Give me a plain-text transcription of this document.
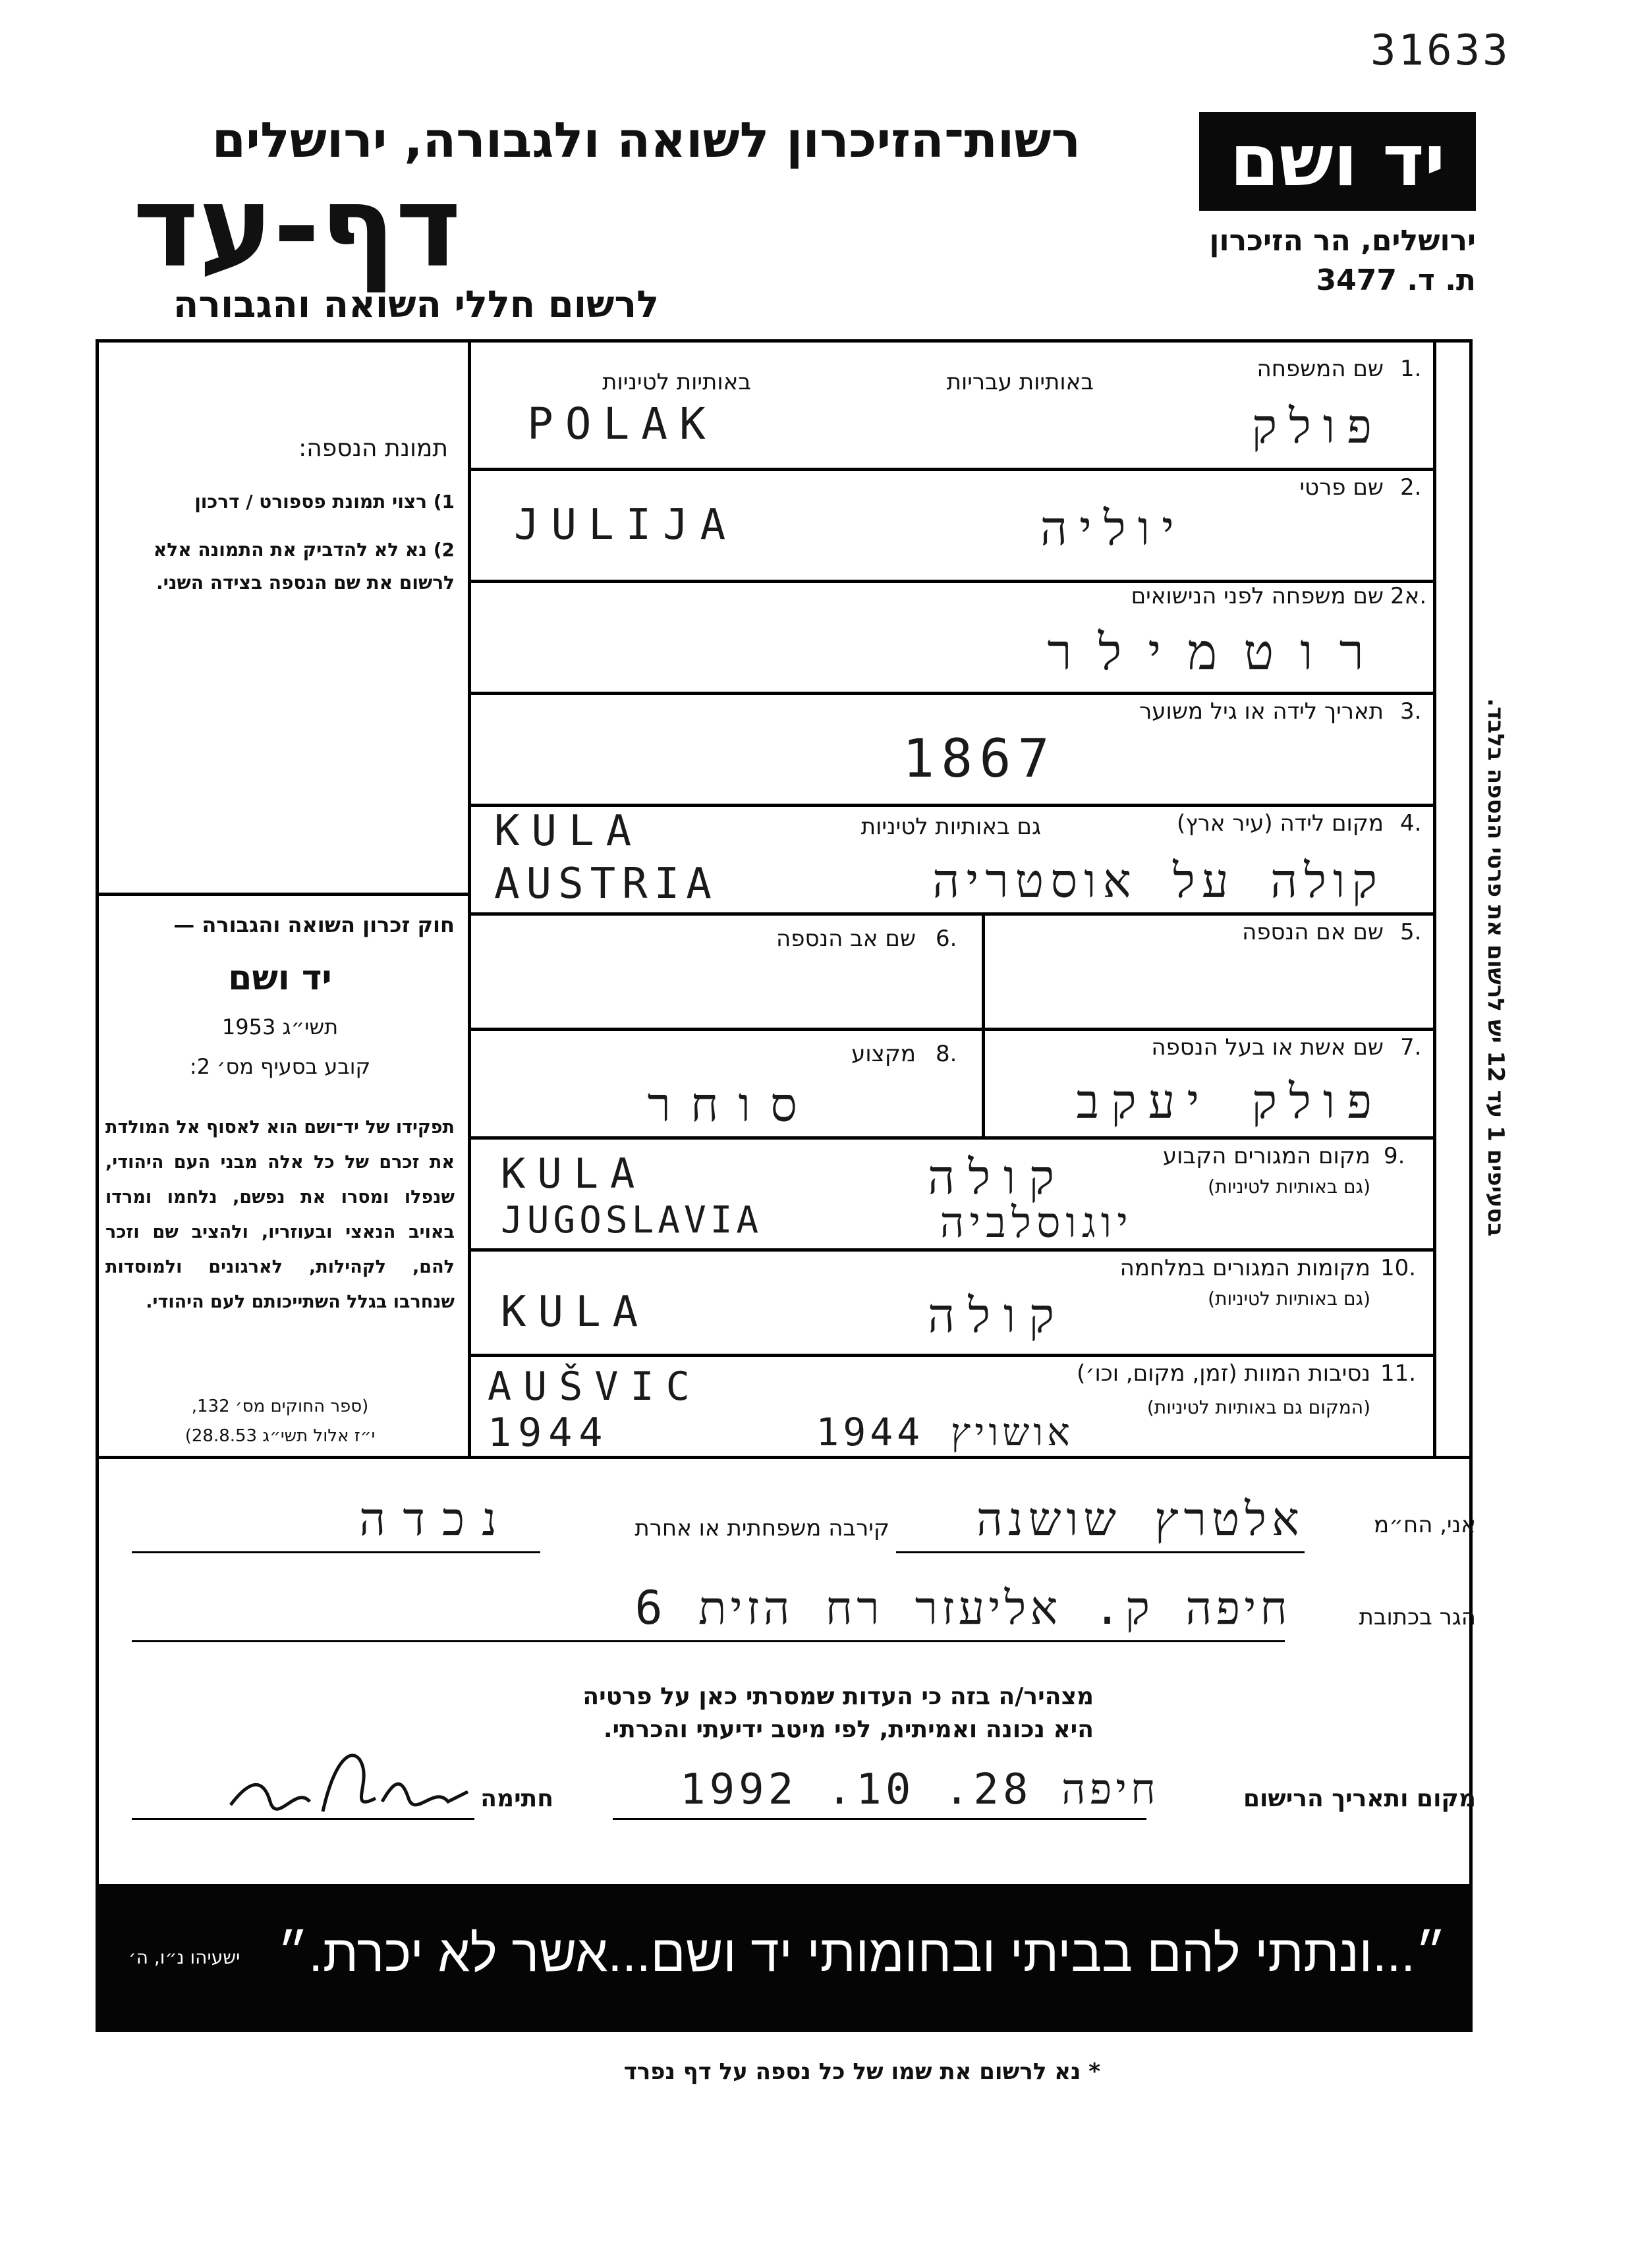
31633
רשות־הזיכרון לשואה ולגבורה, ירושלים
דף-עד
לרשום חללי השואה והגבורה
יד ושם
ירושלים, הר הזיכרון
ת. ד. 3477
תמונת הנספה:
1) רצוי תמונת פספורט / דרכון
2) נא לא להדביק את התמונה אלא לרשום את שם הנספה בצידה השני.
חוק זכרון השואה והגבורה —
יד ושם
תשי״ג 1953
קובע בסעיף מס׳ 2:
תפקידו של יד־ושם הוא לאסוף אל המולדת את זכרם של כל אלה מבני העם היהודי, שנפלו ומסרו את נפשם, נלחמו ומרדו באויב הנאצי ובעוזריו, ולהציב שם וזכר להם, לקהילות, לארגונים ולמוסדות שנחרבו בגלל השתייכותם לעם היהודי.
(ספר החוקים מס׳ 132,
י״ז אלול תשי״ג 28.8.53)
1.
שם המשפחה
באותיות עבריות
באותיות לטיניות
POLAK	פולק
2.
שם פרטי
JULIJA	יוליה
2א.
שם משפחה לפני הנישואים
רוטמילר
3.
תאריך לידה או גיל משוער
1867
4.
מקום לידה (עיר ארץ)
גם באותיות לטיניות
KULA
AUSTRIA	קולה על אוסטריה
5.
שם אם הנספה
6.
שם אב הנספה
7.
שם אשת או בעל הנספה
פולק יעקב
8.
מקצוע
סוחר
9.
מקום המגורים הקבוע
(גם באותיות לטיניות)
KULA
JUGOSLAVIA
קולה
יוגוסלביה
10.
מקומות המגורים במלחמה
(גם באותיות לטיניות)
KULA	קולה
11.
נסיבות המוות (זמן, מקום, וכו׳)
(המקום גם באותיות לטיניות)
AUŠVIC
1944	אושויץ 1944
בסעיפים 1 עד 12 יש לרשום את פרטי הנספה בלבד.
אני, הח״מ
אלטרץ שושנה
קירבה משפחתית או אחרת
נכדה
הגר בכתובת
חיפה ק. אליעזר רח הזית 6
מצהיר/ה בזה כי העדות שמסרתי כאן על פרטיה
היא נכונה ואמיתית, לפי מיטב ידיעתי והכרתי.
מקום ותאריך הרישום
חיפה 28. 10. 1992
חתימה
״...ונתתי להם בביתי ובחומותי יד ושם...אשר לא יכרת.״
ישעיהו נ״ו, ה׳
* נא לרשום את שמו של כל נספה על דף נפרד
